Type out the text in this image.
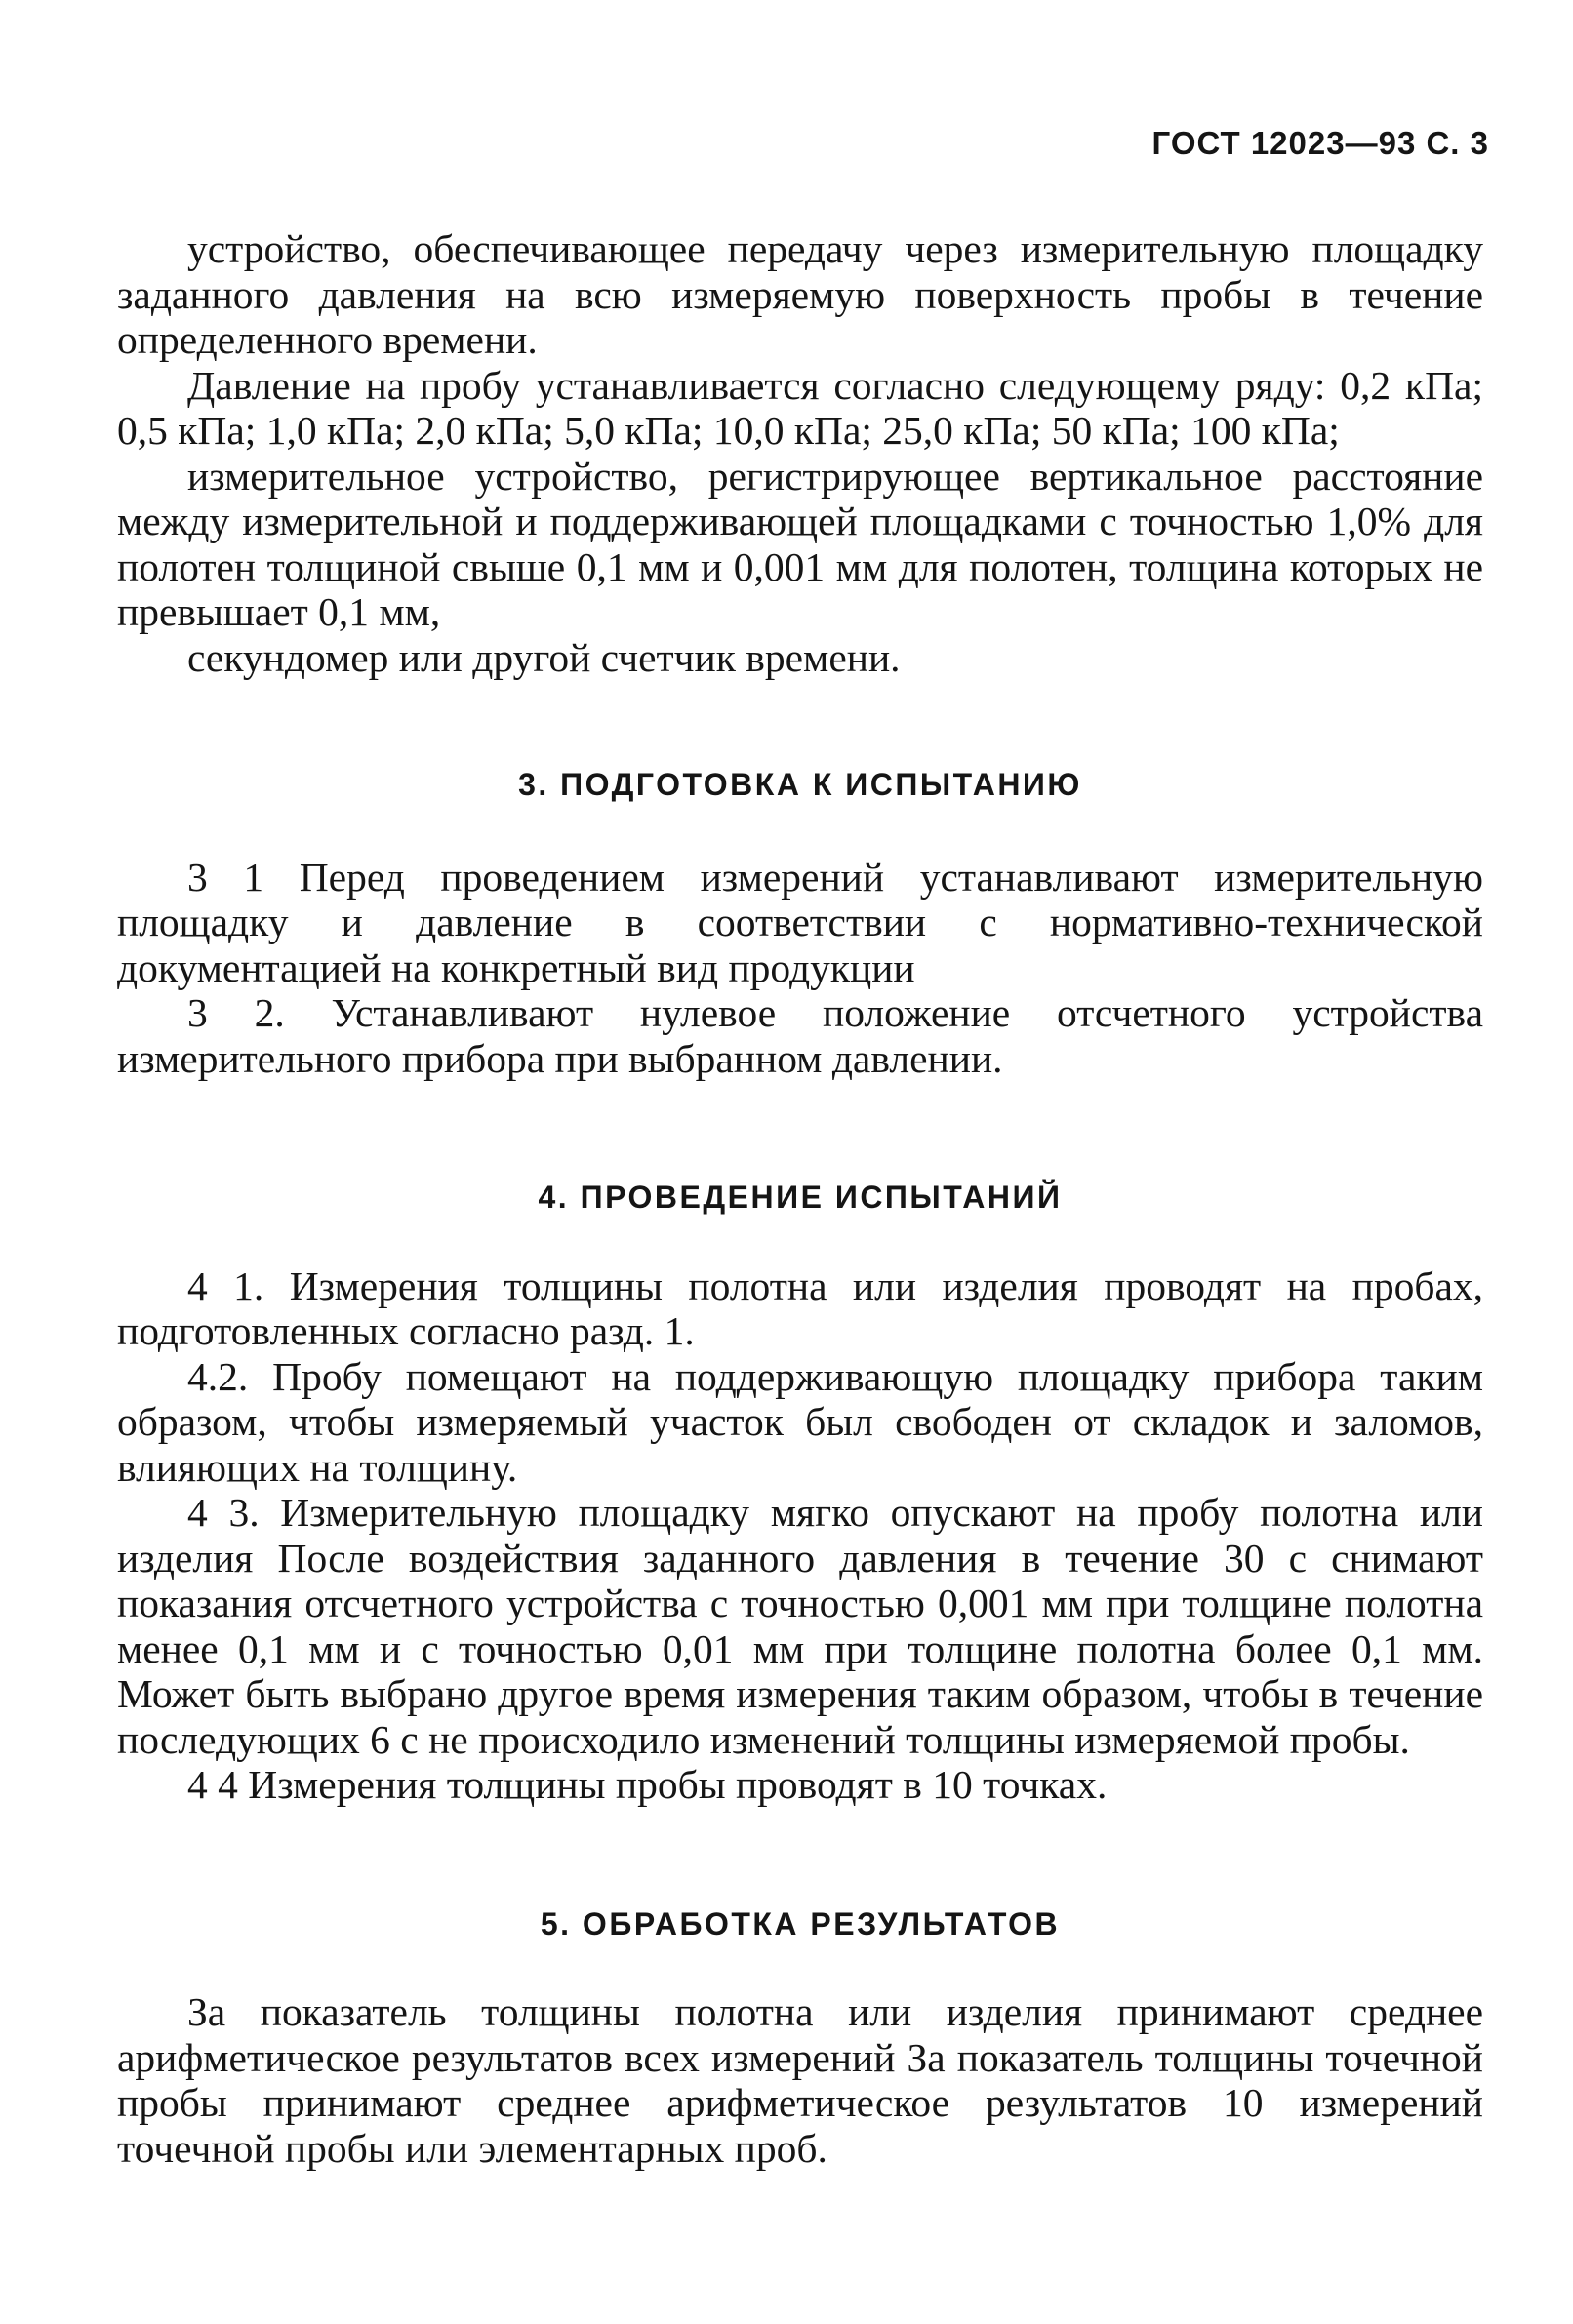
ГОСТ 12023—93 С. 3

устройство, обеспечивающее передачу через измерительную площадку заданного давления на всю измеряемую поверхность пробы в течение определенного времени.

Давление на пробу устанавливается согласно следующему ряду: 0,2 кПа; 0,5 кПа; 1,0 кПа; 2,0 кПа; 5,0 кПа; 10,0 кПа; 25,0 кПа; 50 кПа; 100 кПа;

измерительное устройство, регистрирующее вертикальное расстояние между измерительной и поддерживающей площадками с точностью 1,0% для полотен толщиной свыше 0,1 мм и 0,001 мм для полотен, толщина которых не превышает 0,1 мм,

секундомер или другой счетчик времени.

3. ПОДГОТОВКА К ИСПЫТАНИЮ

3 1 Перед проведением измерений устанавливают измерительную площадку и давление в соответствии с нормативно-технической документацией на конкретный вид продукции

3 2. Устанавливают нулевое положение отсчетного устройства измерительного прибора при выбранном давлении.

4. ПРОВЕДЕНИЕ ИСПЫТАНИЙ

4 1. Измерения толщины полотна или изделия проводят на пробах, подготовленных согласно разд. 1.

4.2. Пробу помещают на поддерживающую площадку прибора таким образом, чтобы измеряемый участок был свободен от складок и заломов, влияющих на толщину.

4 3. Измерительную площадку мягко опускают на пробу полотна или изделия После воздействия заданного давления в течение 30 с снимают показания отсчетного устройства с точностью 0,001 мм при толщине полотна менее 0,1 мм и с точностью 0,01 мм при толщине полотна более 0,1 мм. Может быть выбрано другое время измерения таким образом, чтобы в течение последующих 6 с не происходило изменений толщины измеряемой пробы.

4 4 Измерения толщины пробы проводят в 10 точках.

5. ОБРАБОТКА РЕЗУЛЬТАТОВ

За показатель толщины полотна или изделия принимают среднее арифметическое результатов всех измерений За показатель толщины точечной пробы принимают среднее арифметическое результатов 10 измерений точечной пробы или элементарных проб.
